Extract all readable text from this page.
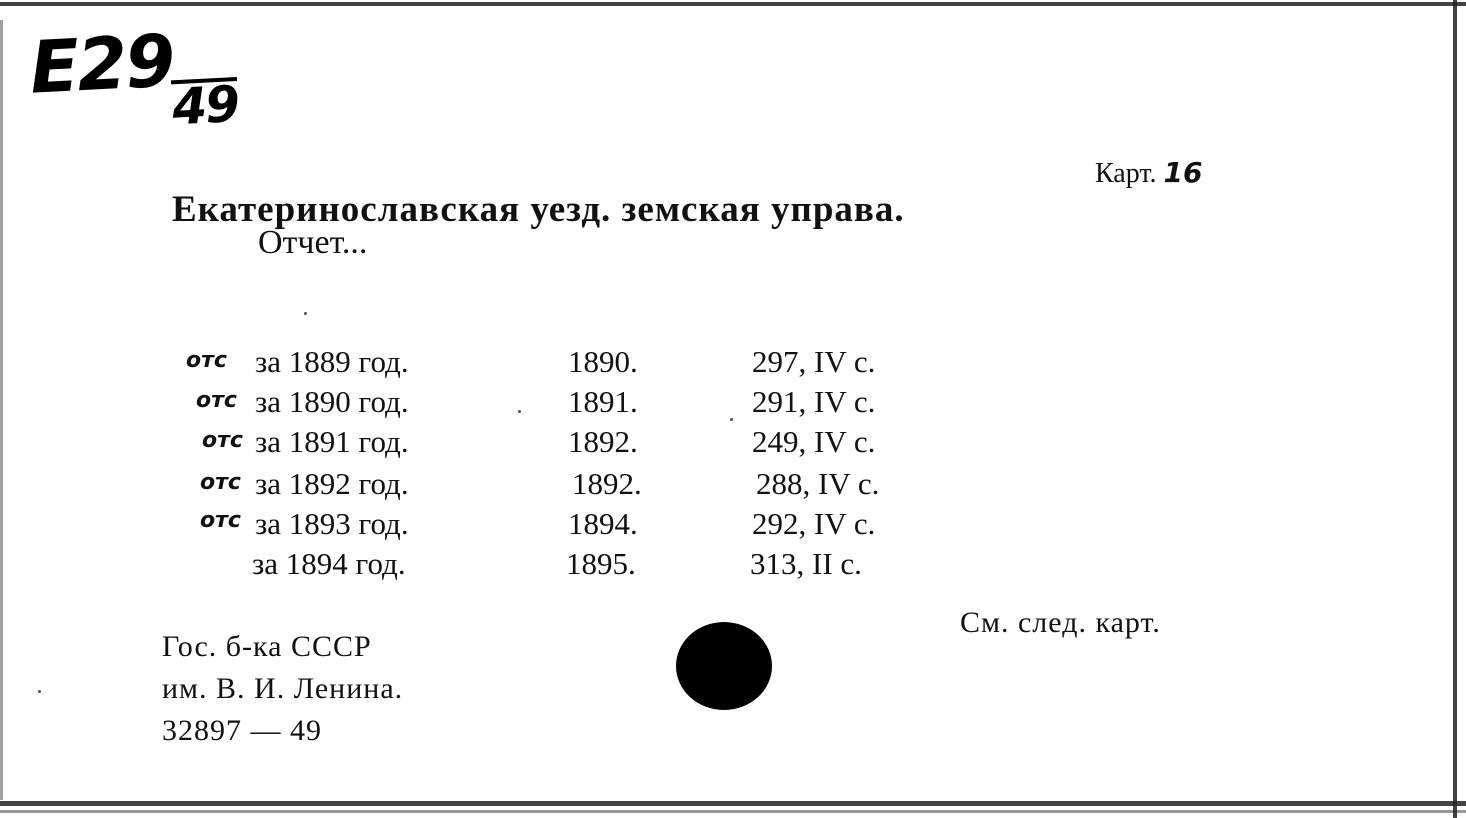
E29
49
Карт. 16
Екатеринославская уезд. земская управа.
Отчет...
отс за 1889 год.	1890.	297, IV с.
отс за 1890 год.	1891.	291, IV с.
отс за 1891 год.	1892.	249, IV с.
отс за 1892 год.	1892.	288, IV с.
отс за 1893 год.	1894.	292, IV с.
за 1894 год.	1895.	313, II с.
См. след. карт.
Гос. б-ка СССР
им. В. И. Ленина.
32897 — 49
